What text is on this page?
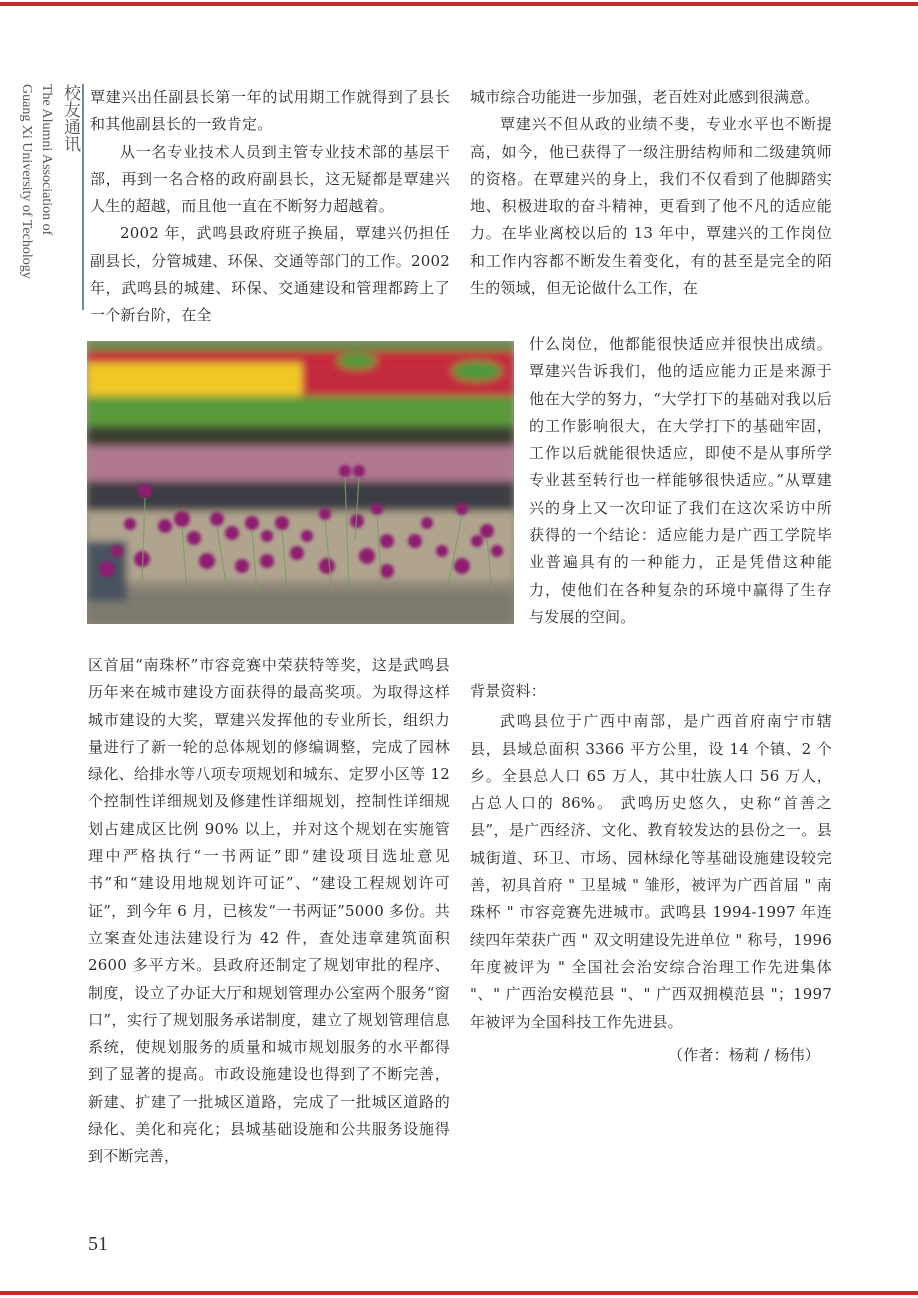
校友通讯
The Alumni Association of
Guang Xi University of Techology	覃建兴出任副县长第一年的试用期工作就得到了县长和其他副县长的一致肯定。

从一名专业技术人员到主管专业技术部的基层干部，再到一名合格的政府副县长，这无疑都是覃建兴人生的超越，而且他一直在不断努力超越着。

2002 年，武鸣县政府班子换届，覃建兴仍担任副县长，分管城建、环保、交通等部门的工作。2002 年，武鸣县的城建、环保、交通建设和管理都跨上了一个新台阶，在全

区首届“南珠杯”市容竞赛中荣获特等奖，这是武鸣县历年来在城市建设方面获得的最高奖项。为取得这样城市建设的大奖，覃建兴发挥他的专业所长，组织力量进行了新一轮的总体规划的修编调整，完成了园林绿化、给排水等八项专项规划和城东、定罗小区等 12 个控制性详细规划及修建性详细规划，控制性详细规划占建成区比例 90% 以上，并对这个规划在实施管理中严格执行“一书两证”即“建设项目选址意见书”和“建设用地规划许可证”、“建设工程规划许可证”，到今年 6 月，已核发“一书两证”5000 多份。共立案查处违法建设行为 42 件，查处违章建筑面积 2600 多平方米。县政府还制定了规划审批的程序、制度，设立了办证大厅和规划管理办公室两个服务“窗口”，实行了规划服务承诺制度，建立了规划管理信息系统，使规划服务的质量和城市规划服务的水平都得到了显著的提高。市政设施建设也得到了不断完善，新建、扩建了一批城区道路，完成了一批城区道路的绿化、美化和亮化；县城基础设施和公共服务设施得到不断完善，

城市综合功能进一步加强，老百姓对此感到很满意。

覃建兴不但从政的业绩不斐，专业水平也不断提高，如今，他已获得了一级注册结构师和二级建筑师的资格。在覃建兴的身上，我们不仅看到了他脚踏实地、积极进取的奋斗精神，更看到了他不凡的适应能力。在毕业离校以后的 13 年中，覃建兴的工作岗位和工作内容都不断发生着变化，有的甚至是完全的陌生的领域，但无论做什么工作，在

什么岗位，他都能很快适应并很快出成绩。覃建兴告诉我们，他的适应能力正是来源于他在大学的努力，“大学打下的基础对我以后的工作影响很大，在大学打下的基础牢固，工作以后就能很快适应，即使不是从事所学专业甚至转行也一样能够很快适应。”从覃建兴的身上又一次印证了我们在这次采访中所获得的一个结论：适应能力是广西工学院毕业普遍具有的一种能力，正是凭借这种能力，使他们在各种复杂的环境中赢得了生存与发展的空间。

背景资料：

武鸣县位于广西中南部，是广西首府南宁市辖县，县域总面积 3366 平方公里，设 14 个镇、2 个乡。全县总人口 65 万人，其中壮族人口 56 万人，占总人口的 86%。 武鸣历史悠久，史称“首善之县”，是广西经济、文化、教育较发达的县份之一。县城街道、环卫、市场、园林绿化等基础设施建设较完善，初具首府 " 卫星城 " 雏形，被评为广西首届 " 南珠杯 " 市容竞赛先进城市。武鸣县 1994-1997 年连续四年荣获广西 " 双文明建设先进单位 " 称号，1996 年度被评为 " 全国社会治安综合治理工作先进集体 "、" 广西治安模范县 "、" 广西双拥模范县 "；1997 年被评为全国科技工作先进县。

（作者：杨莉 / 杨伟）

51
